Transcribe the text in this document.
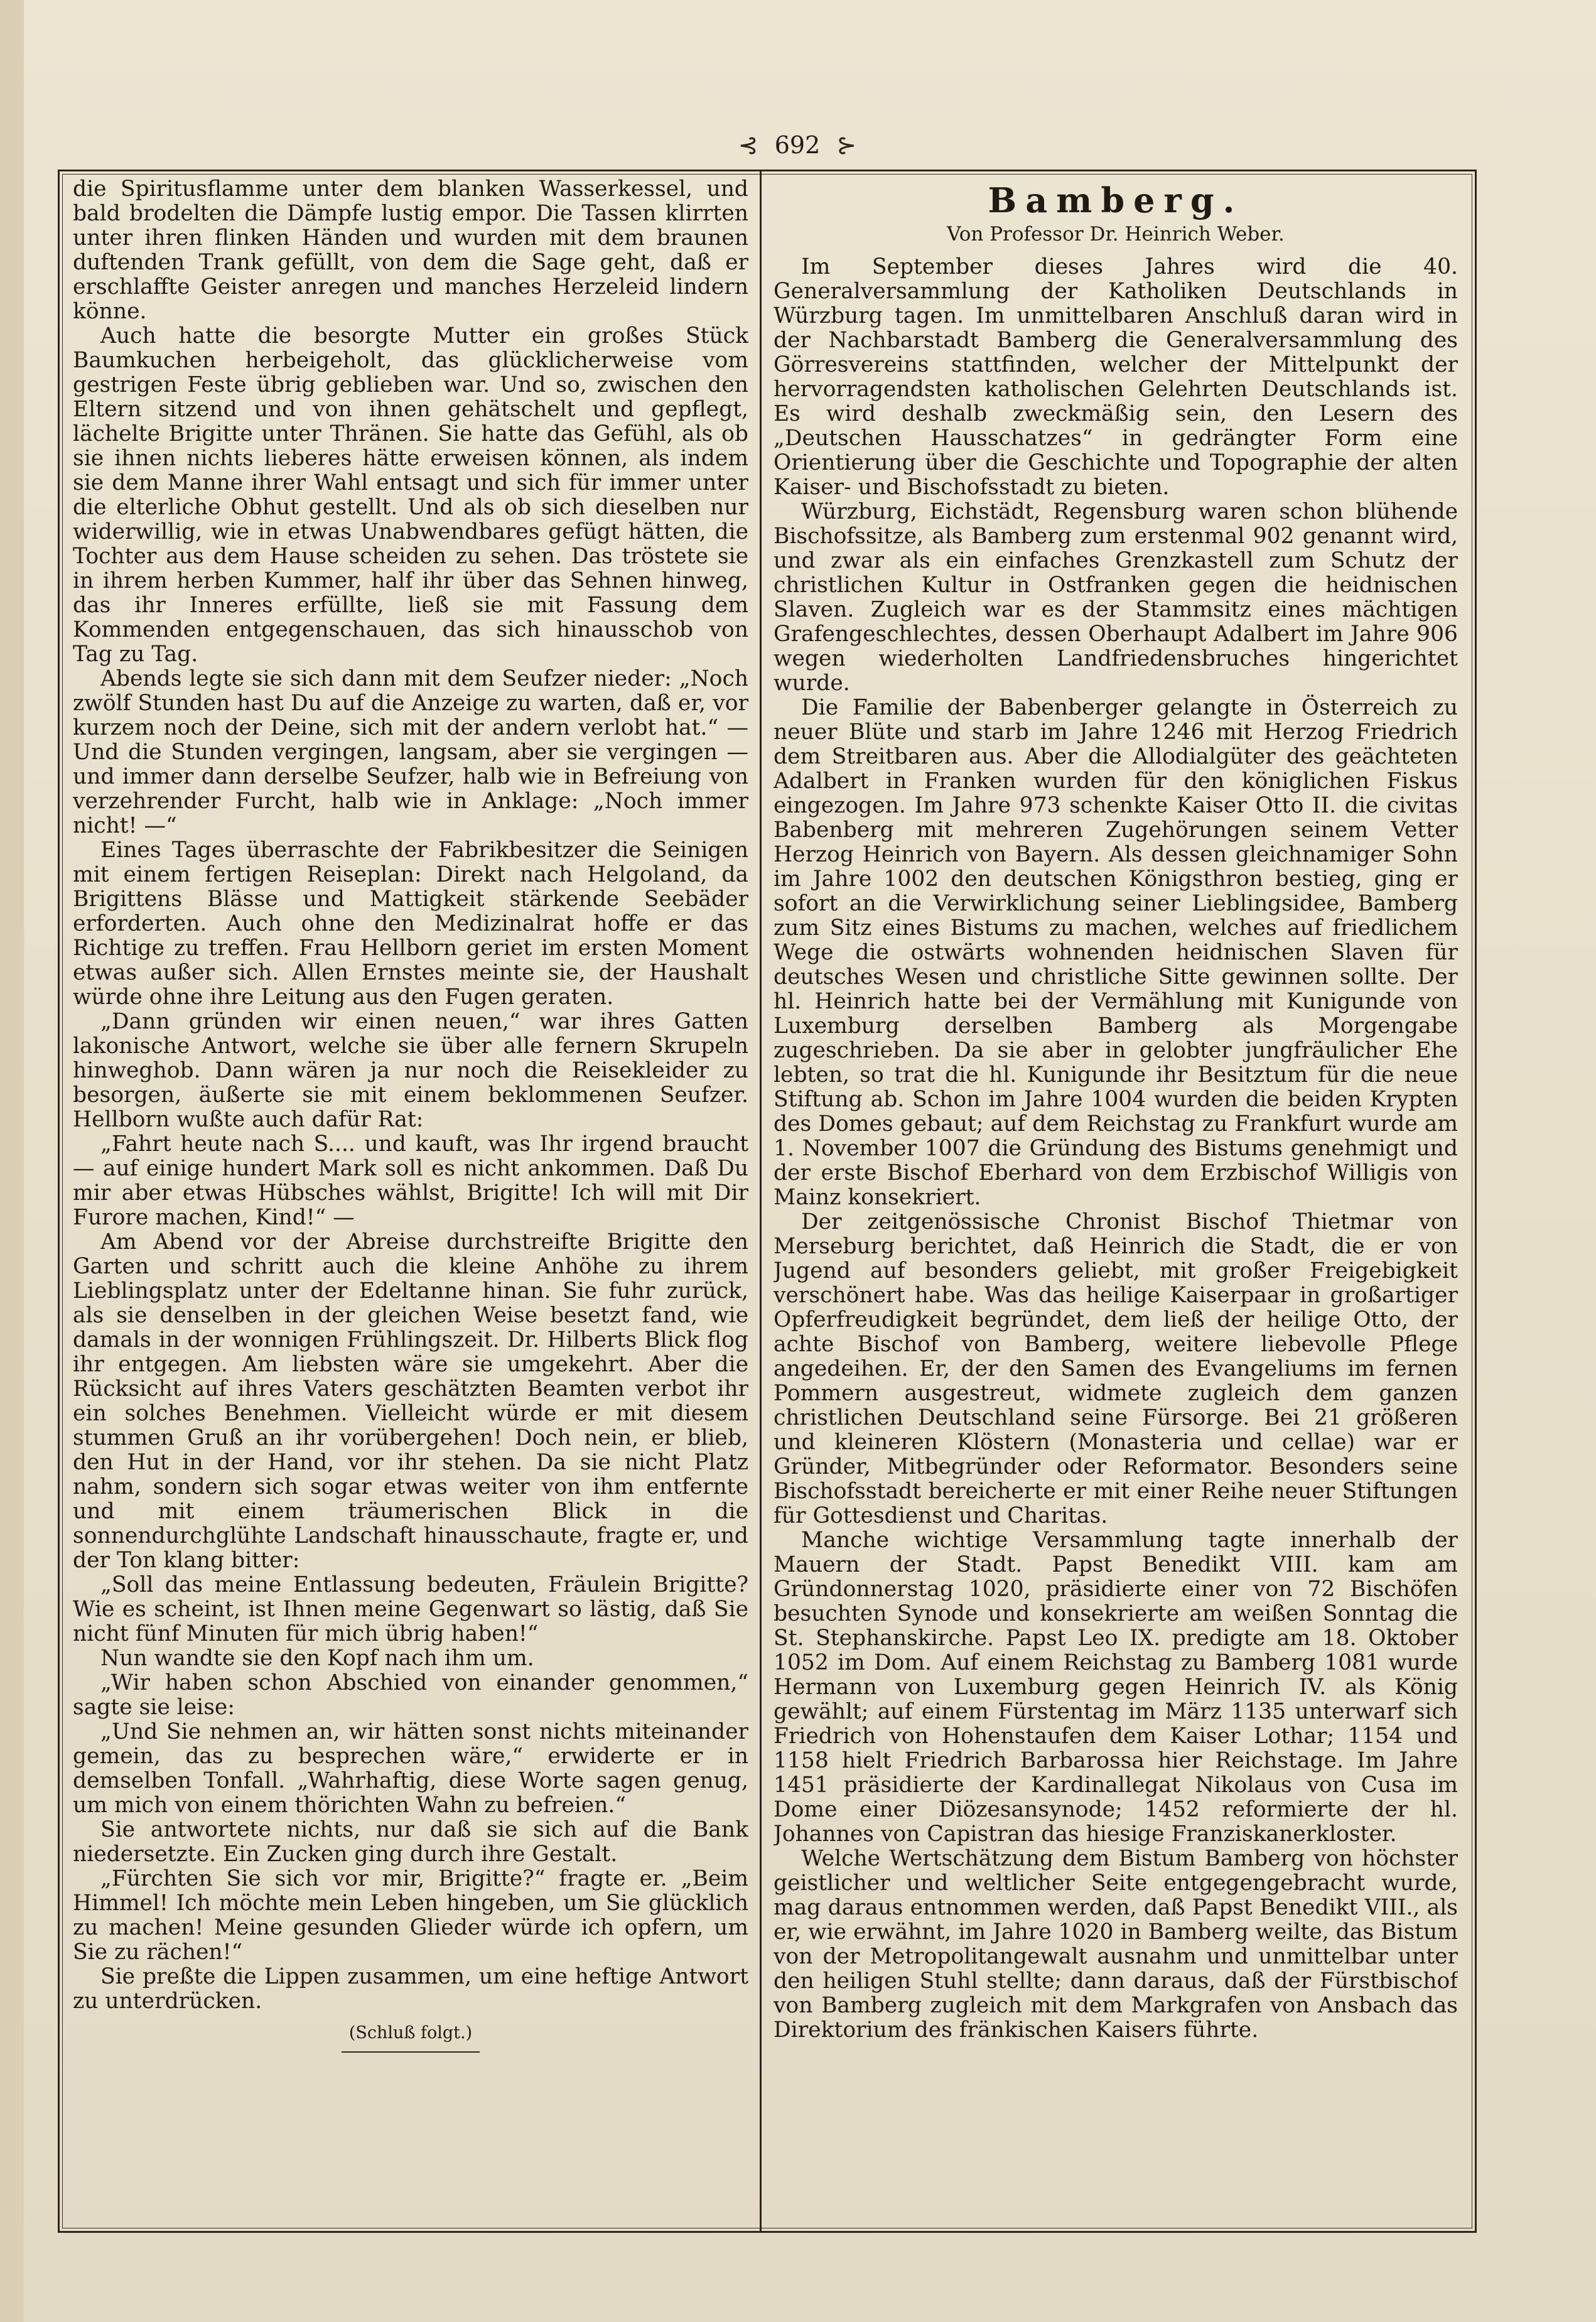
⊰ 692 ⊱

die Spiritusflamme unter dem blanken Wasserkessel, und bald brodelten die Dämpfe lustig empor. Die Tassen klirrten unter ihren flinken Händen und wurden mit dem braunen duftenden Trank gefüllt, von dem die Sage geht, daß er erschlaffte Geister anregen und manches Herzeleid lindern könne.

Auch hatte die besorgte Mutter ein großes Stück Baumkuchen herbeigeholt, das glücklicherweise vom gestrigen Feste übrig geblieben war. Und so, zwischen den Eltern sitzend und von ihnen gehätschelt und gepflegt, lächelte Brigitte unter Thränen. Sie hatte das Gefühl, als ob sie ihnen nichts lieberes hätte erweisen können, als indem sie dem Manne ihrer Wahl entsagt und sich für immer unter die elterliche Obhut gestellt. Und als ob sich dieselben nur widerwillig, wie in etwas Unabwendbares gefügt hätten, die Tochter aus dem Hause scheiden zu sehen. Das tröstete sie in ihrem herben Kummer, half ihr über das Sehnen hinweg, das ihr Inneres erfüllte, ließ sie mit Fassung dem Kommenden entgegenschauen, das sich hinausschob von Tag zu Tag.

Abends legte sie sich dann mit dem Seufzer nieder: „Noch zwölf Stunden hast Du auf die Anzeige zu warten, daß er, vor kurzem noch der Deine, sich mit der andern verlobt hat.“ — Und die Stunden vergingen, langsam, aber sie vergingen — und immer dann derselbe Seufzer, halb wie in Befreiung von verzehrender Furcht, halb wie in Anklage: „Noch immer nicht! —“

Eines Tages überraschte der Fabrikbesitzer die Seinigen mit einem fertigen Reiseplan: Direkt nach Helgoland, da Brigittens Blässe und Mattigkeit stärkende Seebäder erforderten. Auch ohne den Medizinalrat hoffe er das Richtige zu treffen. Frau Hellborn geriet im ersten Moment etwas außer sich. Allen Ernstes meinte sie, der Haushalt würde ohne ihre Leitung aus den Fugen geraten.

„Dann gründen wir einen neuen,“ war ihres Gatten lakonische Antwort, welche sie über alle fernern Skrupeln hinweghob. Dann wären ja nur noch die Reisekleider zu besorgen, äußerte sie mit einem beklommenen Seufzer. Hellborn wußte auch dafür Rat:

„Fahrt heute nach S.... und kauft, was Ihr irgend braucht — auf einige hundert Mark soll es nicht ankommen. Daß Du mir aber etwas Hübsches wählst, Brigitte! Ich will mit Dir Furore machen, Kind!“ —

Am Abend vor der Abreise durchstreifte Brigitte den Garten und schritt auch die kleine Anhöhe zu ihrem Lieblingsplatz unter der Edeltanne hinan. Sie fuhr zurück, als sie denselben in der gleichen Weise besetzt fand, wie damals in der wonnigen Frühlingszeit. Dr. Hilberts Blick flog ihr entgegen. Am liebsten wäre sie umgekehrt. Aber die Rücksicht auf ihres Vaters geschätzten Beamten verbot ihr ein solches Benehmen. Vielleicht würde er mit diesem stummen Gruß an ihr vorübergehen! Doch nein, er blieb, den Hut in der Hand, vor ihr stehen. Da sie nicht Platz nahm, sondern sich sogar etwas weiter von ihm entfernte und mit einem träumerischen Blick in die sonnendurchglühte Landschaft hinausschaute, fragte er, und der Ton klang bitter:

„Soll das meine Entlassung bedeuten, Fräulein Brigitte? Wie es scheint, ist Ihnen meine Gegenwart so lästig, daß Sie nicht fünf Minuten für mich übrig haben!“

Nun wandte sie den Kopf nach ihm um.

„Wir haben schon Abschied von einander genommen,“ sagte sie leise:

„Und Sie nehmen an, wir hätten sonst nichts miteinander gemein, das zu besprechen wäre,“ erwiderte er in demselben Tonfall. „Wahrhaftig, diese Worte sagen genug, um mich von einem thörichten Wahn zu befreien.“

Sie antwortete nichts, nur daß sie sich auf die Bank niedersetzte. Ein Zucken ging durch ihre Gestalt.

„Fürchten Sie sich vor mir, Brigitte?“ fragte er. „Beim Himmel! Ich möchte mein Leben hingeben, um Sie glücklich zu machen! Meine gesunden Glieder würde ich opfern, um Sie zu rächen!“

Sie preßte die Lippen zusammen, um eine heftige Antwort zu unterdrücken.

(Schluß folgt.)
Bamberg.
Von Professor Dr. Heinrich Weber.

Im September dieses Jahres wird die 40. Generalversammlung der Katholiken Deutschlands in Würzburg tagen. Im unmittelbaren Anschluß daran wird in der Nachbarstadt Bamberg die Generalversammlung des Görresvereins stattfinden, welcher der Mittelpunkt der hervorragendsten katholischen Gelehrten Deutschlands ist. Es wird deshalb zweckmäßig sein, den Lesern des „Deutschen Hausschatzes“ in gedrängter Form eine Orientierung über die Geschichte und Topographie der alten Kaiser- und Bischofsstadt zu bieten.

Würzburg, Eichstädt, Regensburg waren schon blühende Bischofssitze, als Bamberg zum erstenmal 902 genannt wird, und zwar als ein einfaches Grenzkastell zum Schutz der christlichen Kultur in Ostfranken gegen die heidnischen Slaven. Zugleich war es der Stammsitz eines mächtigen Grafengeschlechtes, dessen Oberhaupt Adalbert im Jahre 906 wegen wiederholten Landfriedensbruches hingerichtet wurde.

Die Familie der Babenberger gelangte in Österreich zu neuer Blüte und starb im Jahre 1246 mit Herzog Friedrich dem Streitbaren aus. Aber die Allodialgüter des geächteten Adalbert in Franken wurden für den königlichen Fiskus eingezogen. Im Jahre 973 schenkte Kaiser Otto II. die civitas Babenberg mit mehreren Zugehörungen seinem Vetter Herzog Heinrich von Bayern. Als dessen gleichnamiger Sohn im Jahre 1002 den deutschen Königsthron bestieg, ging er sofort an die Verwirklichung seiner Lieblingsidee, Bamberg zum Sitz eines Bistums zu machen, welches auf friedlichem Wege die ostwärts wohnenden heidnischen Slaven für deutsches Wesen und christliche Sitte gewinnen sollte. Der hl. Heinrich hatte bei der Vermählung mit Kunigunde von Luxemburg derselben Bamberg als Morgengabe zugeschrieben. Da sie aber in gelobter jungfräulicher Ehe lebten, so trat die hl. Kunigunde ihr Besitztum für die neue Stiftung ab. Schon im Jahre 1004 wurden die beiden Krypten des Domes gebaut; auf dem Reichstag zu Frankfurt wurde am 1. November 1007 die Gründung des Bistums genehmigt und der erste Bischof Eberhard von dem Erzbischof Willigis von Mainz konsekriert.

Der zeitgenössische Chronist Bischof Thietmar von Merseburg berichtet, daß Heinrich die Stadt, die er von Jugend auf besonders geliebt, mit großer Freigebigkeit verschönert habe. Was das heilige Kaiserpaar in großartiger Opferfreudigkeit begründet, dem ließ der heilige Otto, der achte Bischof von Bamberg, weitere liebevolle Pflege angedeihen. Er, der den Samen des Evangeliums im fernen Pommern ausgestreut, widmete zugleich dem ganzen christlichen Deutschland seine Fürsorge. Bei 21 größeren und kleineren Klöstern (Monasteria und cellae) war er Gründer, Mitbegründer oder Reformator. Besonders seine Bischofsstadt bereicherte er mit einer Reihe neuer Stiftungen für Gottesdienst und Charitas.

Manche wichtige Versammlung tagte innerhalb der Mauern der Stadt. Papst Benedikt VIII. kam am Gründonnerstag 1020, präsidierte einer von 72 Bischöfen besuchten Synode und konsekrierte am weißen Sonntag die St. Stephanskirche. Papst Leo IX. predigte am 18. Oktober 1052 im Dom. Auf einem Reichstag zu Bamberg 1081 wurde Hermann von Luxemburg gegen Heinrich IV. als König gewählt; auf einem Fürstentag im März 1135 unterwarf sich Friedrich von Hohenstaufen dem Kaiser Lothar; 1154 und 1158 hielt Friedrich Barbarossa hier Reichstage. Im Jahre 1451 präsidierte der Kardinallegat Nikolaus von Cusa im Dome einer Diözesansynode; 1452 reformierte der hl. Johannes von Capistran das hiesige Franziskanerkloster.

Welche Wertschätzung dem Bistum Bamberg von höchster geistlicher und weltlicher Seite entgegengebracht wurde, mag daraus entnommen werden, daß Papst Benedikt VIII., als er, wie erwähnt, im Jahre 1020 in Bamberg weilte, das Bistum von der Metropolitangewalt ausnahm und unmittelbar unter den heiligen Stuhl stellte; dann daraus, daß der Fürstbischof von Bamberg zugleich mit dem Markgrafen von Ansbach das Direktorium des fränkischen Kaisers führte.
